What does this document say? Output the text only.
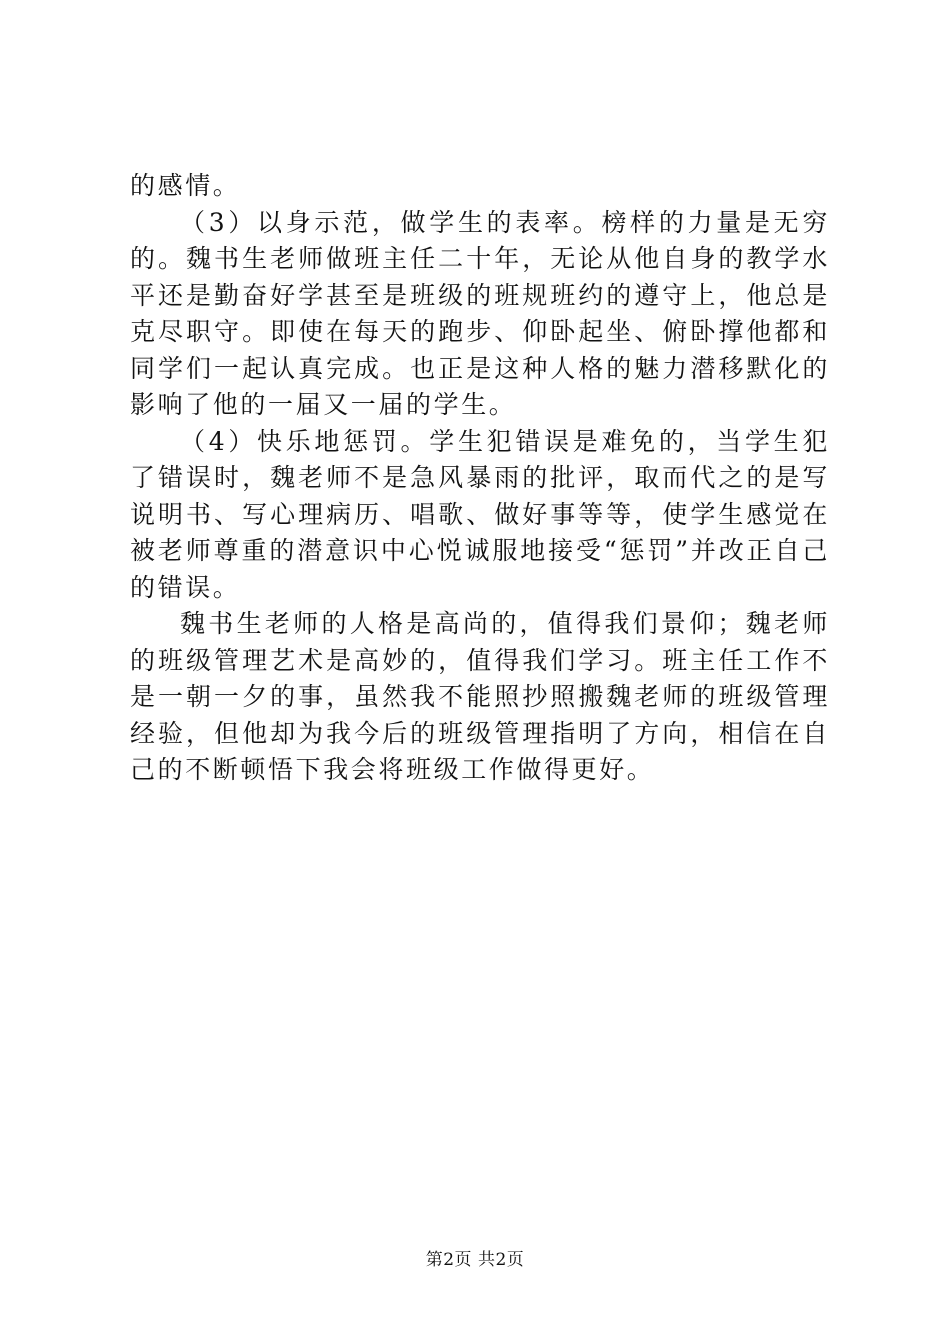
的感情。

（3）以身示范，做学生的表率。榜样的力量是无穷的。魏书生老师做班主任二十年，无论从他自身的教学水平还是勤奋好学甚至是班级的班规班约的遵守上，他总是克尽职守。即使在每天的跑步、仰卧起坐、俯卧撑他都和同学们一起认真完成。也正是这种人格的魅力潜移默化的影响了他的一届又一届的学生。

（4）快乐地惩罚。学生犯错误是难免的，当学生犯了错误时，魏老师不是急风暴雨的批评，取而代之的是写说明书、写心理病历、唱歌、做好事等等，使学生感觉在被老师尊重的潜意识中心悦诚服地接受“惩罚”并改正自己的错误。

魏书生老师的人格是高尚的，值得我们景仰；魏老师的班级管理艺术是高妙的，值得我们学习。班主任工作不是一朝一夕的事，虽然我不能照抄照搬魏老师的班级管理经验，但他却为我今后的班级管理指明了方向，相信在自己的不断顿悟下我会将班级工作做得更好。

第2页 共2页
